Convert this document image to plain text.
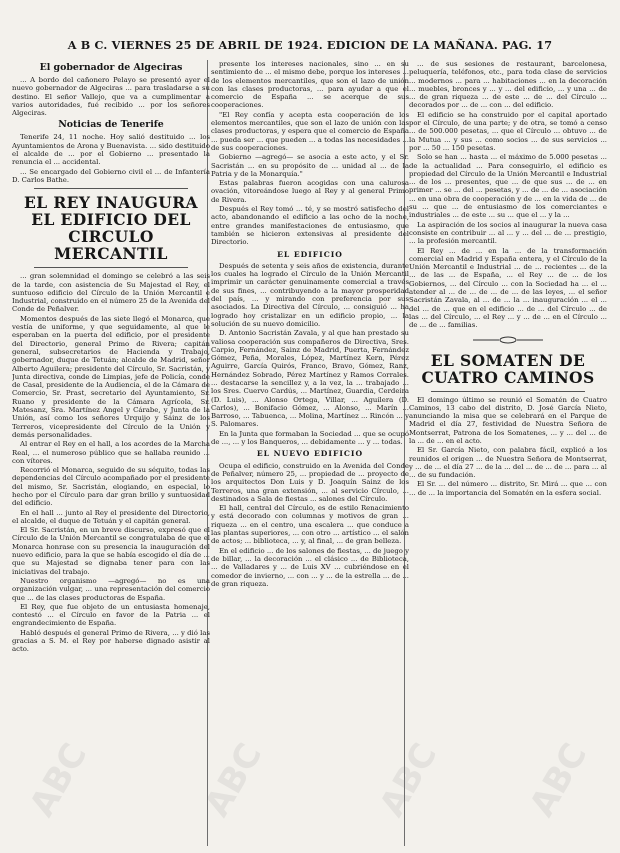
A B C. VIERNES 25 DE ABRIL DE 1924. EDICION DE LA MAÑANA. PAG. 17
El gobernador de Algeciras

... A bordo del cañonero Pelayo se presentó ayer el nuevo gobernador de Algeciras ... para trasladarse a su destino. El señor Vallejo, que va a cumplimentar a varios autoridades, fué recibido ... por los señores Algeciras.

Noticias de Tenerife

Tenerife 24, 11 noche. Hoy salió destituido ... los Ayuntamientos de Arona y Buenavista. ... sido destituido el alcalde de ... por el Gobierno ... presentado la renuncia el ... accidental.

... Se encargado del Gobierno civil el ... de Infantería D. Carlos Bathe.

EL REY INAUGURA EL EDIFICIO DEL CIRCULO MERCANTIL

... gran solemnidad el domingo se celebró a las seis de la tarde, con asistencia de Su Majestad el Rey, el suntuoso edificio del Círculo de la Unión Mercantil e Industrial, construido en el número 25 de la Avenida del Conde de Peñalver.

Momentos después de las siete llegó el Monarca, que vestía de uniforme, y que seguidamente, al que le esperaban en la puerta del edificio, por el presidente del Directorio, general Primo de Rivera; capitán general, subsecretarios de Hacienda y Trabajo, gobernador, duque de Tetuán; alcalde de Madrid, señor Alberto Aguilera; presidente del Círculo, Sr. Sacristán, y Junta directiva, conde de Limpias, jefe de Policía, conde de Casal, presidente de la Audiencia, el de la Cámara de Comercio, Sr. Prast, secretario del Ayuntamiento, Sr. Ruano y presidente de la Cámara Agrícola, Sr. Matesanz, Sra. Martínez Angel y Cárabe, y Junta de la Unión, así como los señores Urquijo y Sáinz de los Terreros, vicepresidente del Círculo de la Unión y demás personalidades.

Al entrar el Rey en el hall, a los acordes de la Marcha Real, ... el numeroso público que se hallaba reunido ... con vítores.

Recorrió el Monarca, seguido de su séquito, todas las dependencias del Círculo acompañado por el presidente del mismo, Sr. Sacristán, elogiando, en especial, lo hecho por el Círculo para dar gran brillo y suntuosidad del edificio.

En el hall ... junto al Rey el presidente del Directorio, el alcalde, el duque de Tetuán y el capitán general.

El Sr. Sacristán, en un breve discurso, expresó que el Círculo de la Unión Mercantil se congratulaba de que el Monarca honrase con su presencia la inauguración del nuevo edificio, para la que se había escogido el día de ... que su Majestad se dignaba tener para con las iniciativas del trabajo.

Nuestro organismo —agregó— no es una organización vulgar, ... una representación del comercio que ... de las clases productoras de España.

El Rey, que fue objeto de un entusiasta homenaje, contestó ... el Círculo en favor de la Patria ... el engrandecimiento de España.

Habló después el general Primo de Rivera, ... y dió las gracias a S. M. el Rey por haberse dignado asistir al acto.

presente los intereses nacionales, sino ... en su sentimiento de ... el mismo debe, porque los intereses ... de los elementos mercantiles, que son el lazo de unión con las clases productoras, ... para ayudar a que el comercio de España ... se acerque de sus cooperaciones.

"El Rey confía y acepta esta cooperación de los elementos mercantiles, que son el lazo de unión con las clases productoras, y espera que el comercio de España ... pueda ser ... que pueden ... a todas las necesidades ... de sus cooperaciones.

Gobierno —agregó— se asocia a este acto, y el Sr. Sacristán ... en su propósito de ... unidad al ... de la Patria y de la Monarquía."

Estas palabras fueron acogidas con una calurosa ovación, vitoreándose luego al Rey y al general Primo de Rivera.

Después el Rey tomó ... té, y se mostró satisfecho del acto, abandonando el edificio a las ocho de la noche, entre grandes manifestaciones de entusiasmo, que también se hicieron extensivas al presidente del Directorio.

EL EDIFICIO

Después de setenta y seis años de existencia, durante los cuales ha logrado el Círculo de la Unión Mercantil imprimir un carácter genuinamente comercial a través de sus fines, ... contribuyendo a la mayor prosperidad del país, ... y mirando con preferencia por sus asociados. La Directiva del Círculo, ... consiguió ... ha logrado hoy cristalizar en un edificio propio, ... la solución de su nuevo domicilio.

D. Antonio Sacristán Zavala, y al que han prestado su valiosa cooperación sus compañeros de Directiva, Sres. Carpio, Fernández, Sainz de Madrid, Puerta, Fernández Gómez, Peña, Morales, López, Martínez Kern, Pérez Aguirre, García Quirós, Franco, Bravo, Gómez, Ranz, Hernández Sobrado, Pérez Martínez y Ramos Corrales. ... destacarse la sencillez y, a la vez, la ... trabajado ... los Sres. Cuervo Cardús, ... Martínez, Guardia, Cerdeira (D. Luis), ... Alonso Ortega, Villar, ... Aguilera (D. Carlos), ... Bonifacio Gómez, ... Alonso, ... Marín ... Barroso, ... Tabuenca, ... Molina, Martínez ... Rincón ... y S. Palomares.

En la Junta que formaban la Sociedad ... que se ocupó de ..., ... y los Banqueros, ... debidamente ... y ... todas.

EL NUEVO EDIFICIO

Ocupa el edificio, construido en la Avenida del Conde de Peñalver, número 25, ... propiedad de ... proyecto de los arquitectos Don Luis y D. Joaquín Sainz de los Terreros, una gran extensión, ... al servicio Círculo, ... destinados a Sala de fiestas ... salones del Círculo.

El hall, central del Círculo, es de estilo Renacimiento y está decorado con columnas y motivos de gran ... riqueza ... en el centro, una escalera ... que conduce a las plantas superiores, ... con otro ... artístico ... el salón de actos; ... biblioteca, ... y, al final, ... de gran belleza.

En el edificio ... de los salones de fiestas, ... de juego y de billar, ... la decoración ... el clásico ... de Biblioteca, ... de Valladares y ... de Luis XV ... cubriéndose en el comedor de invierno, ... con ... y ... de la estrella ... de ... de gran riqueza.

... de sus sesiones de restaurant, barcelonesa, peluquería, teléfonos, etc., para toda clase de servicios ... modernos ... para ... habitaciones ... en la decoración ... muebles, bronces y ... y ... del edificio, ... y una ... de ... de gran riqueza ... de este ... de ... del Círculo ... decorados por ... de ... con ... del edificio.

El edificio se ha construido por el capital aportado por el Círculo, de una parte; y de otra, se tomó a censo ... de 500.000 pesetas, ... que el Círculo ... obtuvo ... de la Mutua ... y sus ... como socios ... de sus servicios ... por ... 50 ... 150 pesetas.

Solo se han ... hasta ... el máximo de 5.000 pesetas ... de la actualidad ... Para conseguirlo, el edificio es propiedad del Círculo de la Unión Mercantil e Industrial ... de los ... presentes, que ... de que sus ... de ... en primer ... se ... del ... pesetas, y ... de ... de ... asociación ... en una obra de cooperación y de ... en la vida de ... de su ... que ... de entusiasmo de los comerciantes e industriales ... de este ... su ... que el ... y la ...

La aspiración de los socios al inaugurar la nueva casa consiste en contribuir ... al ... y ... del ... de ... prestigio, ... la profesión mercantil.

El Rey ... de ... en la ... de la transformación comercial en Madrid y España entera, y el Círculo de la Unión Mercantil e Industrial ... de ... recientes ... de la ... de las ... de España, ... el Rey ... de ... de los Gobiernos, ... del Círculo ... con la Sociedad ha ... el ... atender al ... de ... de ... de ... de las leyes, ... el señor Sacristán Zavala, al ... de ... la ... inauguración ... el ... del ... de ... que en el edificio ... de ... del Círculo ... de las ... del Círculo, ... el Rey ... y ... de ... en el Círculo ... de ... de ... familias.

EL SOMATEN DE CUATRO CAMINOS

El domingo último se reunió el Somatén de Cuatro Caminos, 13 cabo del distrito, D. José García Nieto, anunciando la misa que se celebrará en el Parque de Madrid el día 27, festividad de Nuestra Señora de Montserrat, Patrona de los Somatenes, ... y ... del ... de la ... de ... en el acto.

El Sr. García Nieto, con palabra fácil, explicó a los reunidos el origen ... de Nuestra Señora de Montserrat, y ... de ... el día 27 ... de la ... del ... de ... de ... para ... al ... de su fundación.

El Sr. ... del número ... distrito, Sr. Mirá ... que ... con ... de ... la importancia del Somatén en la esfera social.

ABC	ABC	ABC ABC
